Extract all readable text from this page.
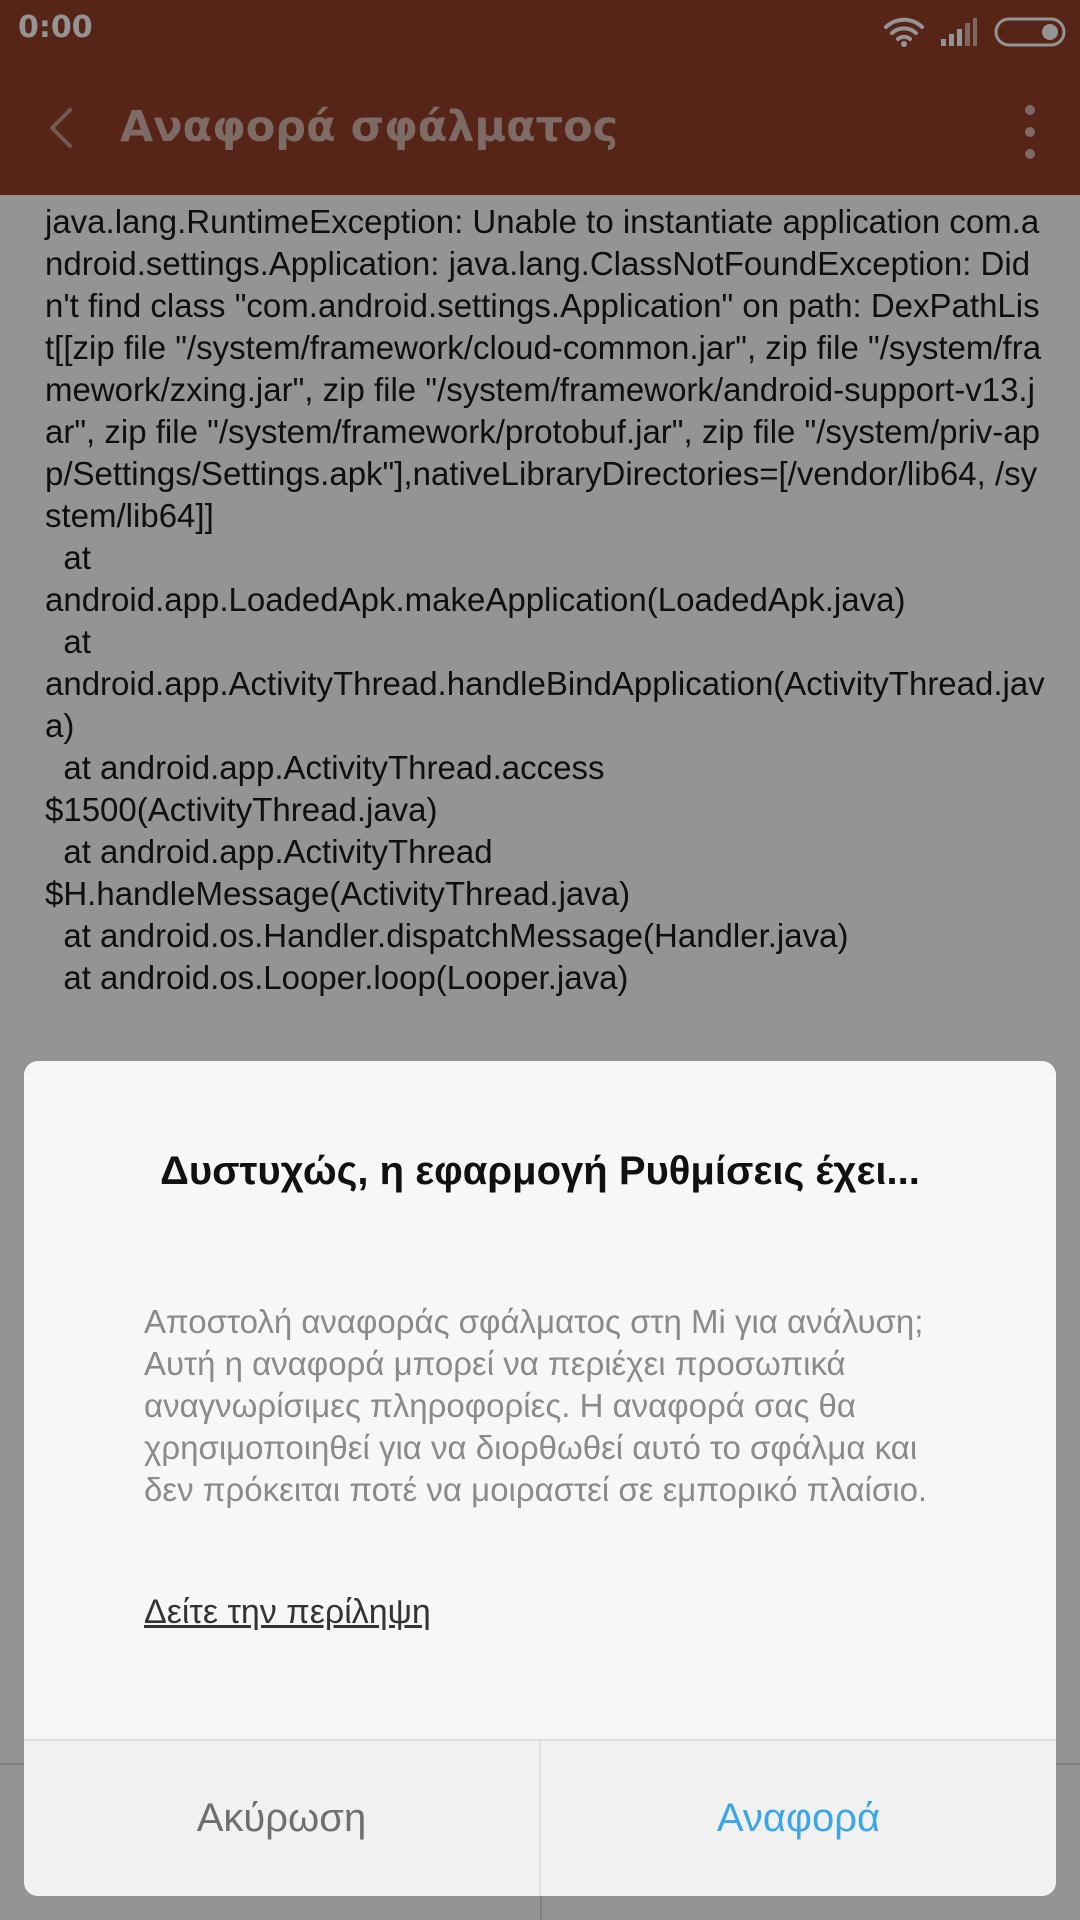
0:00
Αναφορά σφάλματος
java.lang.RuntimeException: Unable to instantiate application com.android.settings.Application: java.lang.ClassNotFoundException: Didn't find class "com.android.settings.Application" on path: DexPathList[[zip file "/system/framework/cloud-common.jar", zip file "/system/framework/zxing.jar", zip file "/system/framework/android-support-v13.jar", zip file "/system/framework/protobuf.jar", zip file "/system/priv-app/Settings/Settings.apk"],nativeLibraryDirectories=[/vendor/lib64, /system/lib64]]
at
android.app.LoadedApk.makeApplication(LoadedApk.java)
at
android.app.ActivityThread.handleBindApplication(ActivityThread.java)
at android.app.ActivityThread.access
$1500(ActivityThread.java)
at android.app.ActivityThread
$H.handleMessage(ActivityThread.java)
at android.os.Handler.dispatchMessage(Handler.java)
at android.os.Looper.loop(Looper.java)
Δυστυχώς, η εφαρμογή Ρυθμίσεις έχει...
Αποστολή αναφοράς σφάλματος στη Mi για ανάλυση; Αυτή η αναφορά μπορεί να περιέχει προσωπικά αναγνωρίσιμες πληροφορίες. Η αναφορά σας θα χρησιμοποιηθεί για να διορθωθεί αυτό το σφάλμα και δεν πρόκειται ποτέ να μοιραστεί σε εμπορικό πλαίσιο.
Δείτε την περίληψη
Ακύρωση	Αναφορά
